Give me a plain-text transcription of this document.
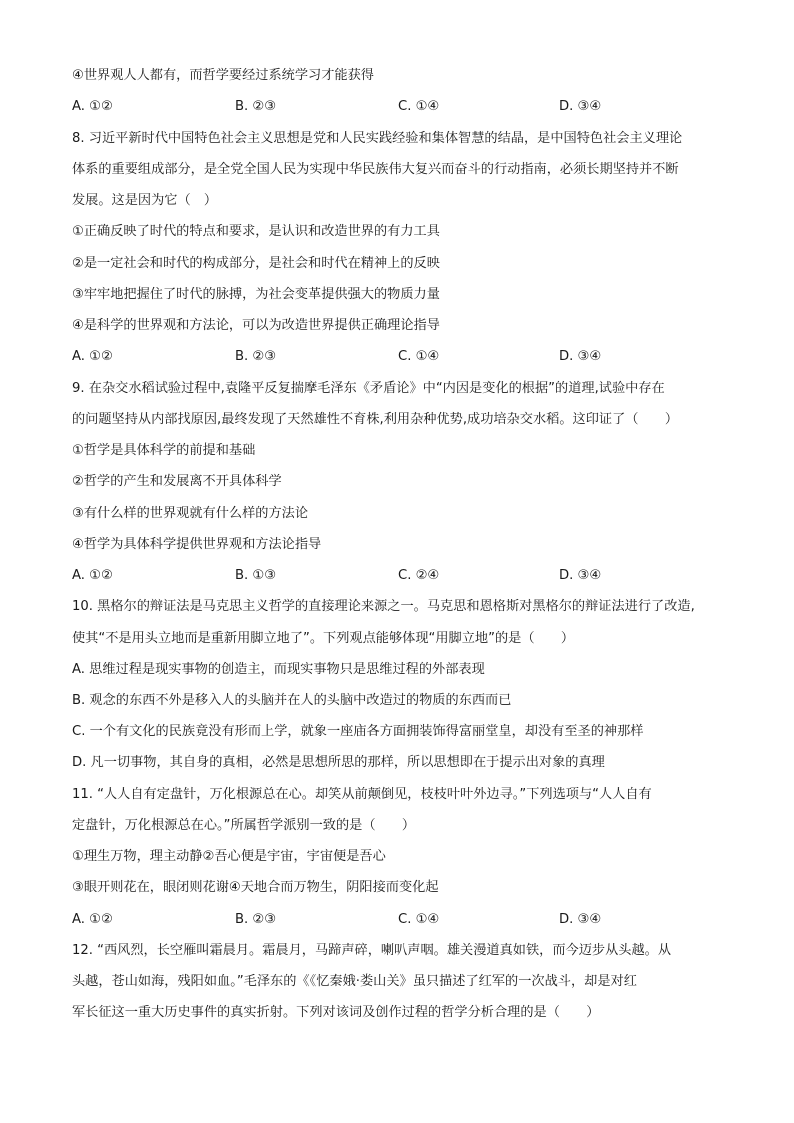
④世界观人人都有，而哲学要经过系统学习才能获得
A. ①②	B. ②③	C. ①④	D. ③④
8. 习近平新时代中国特色社会主义思想是党和人民实践经验和集体智慧的结晶，是中国特色社会主义理论
体系的重要组成部分，是全党全国人民为实现中华民族伟大复兴而奋斗的行动指南，必须长期坚持并不断
发展。这是因为它（　）
①正确反映了时代的特点和要求，是认识和改造世界的有力工具
②是一定社会和时代的构成部分，是社会和时代在精神上的反映
③牢牢地把握住了时代的脉搏，为社会变革提供强大的物质力量
④是科学的世界观和方法论，可以为改造世界提供正确理论指导
A. ①②	B. ②③	C. ①④	D. ③④
9. 在杂交水稻试验过程中,袁隆平反复揣摩毛泽东《矛盾论》中“内因是变化的根据”的道理,试验中存在
的问题坚持从内部找原因,最终发现了天然雄性不育株,利用杂种优势,成功培杂交水稻。这印证了（　　）
①哲学是具体科学的前提和基础
②哲学的产生和发展离不开具体科学
③有什么样的世界观就有什么样的方法论
④哲学为具体科学提供世界观和方法论指导
A. ①②	B. ①③	C. ②④	D. ③④
10. 黑格尔的辩证法是马克思主义哲学的直接理论来源之一。马克思和恩格斯对黑格尔的辩证法进行了改造,
使其“不是用头立地而是重新用脚立地了”。下列观点能够体现“用脚立地”的是（　　）
A. 思维过程是现实事物的创造主，而现实事物只是思维过程的外部表现
B. 观念的东西不外是移入人的头脑并在人的头脑中改造过的物质的东西而已
C. 一个有文化的民族竟没有形而上学，就象一座庙各方面拥装饰得富丽堂皇，却没有至圣的神那样
D. 凡一切事物，其自身的真相，必然是思想所思的那样，所以思想即在于提示出对象的真理
11. “人人自有定盘针，万化根源总在心。却笑从前颠倒见，枝枝叶叶外边寻。”下列选项与“人人自有
定盘针，万化根源总在心。”所属哲学派别一致的是（　　）
①理生万物，理主动静②吾心便是宇宙，宇宙便是吾心
③眼开则花在，眼闭则花谢④天地合而万物生，阴阳接而变化起
A. ①②	B. ②③	C. ①④	D. ③④
12. “西风烈，长空雁叫霜晨月。霜晨月，马蹄声碎，喇叭声咽。雄关漫道真如铁，而今迈步从头越。从
头越，苍山如海，残阳如血。”毛泽东的《《忆秦娥·娄山关》虽只描述了红军的一次战斗，却是对红
军长征这一重大历史事件的真实折射。下列对该词及创作过程的哲学分析合理的是（　　）
